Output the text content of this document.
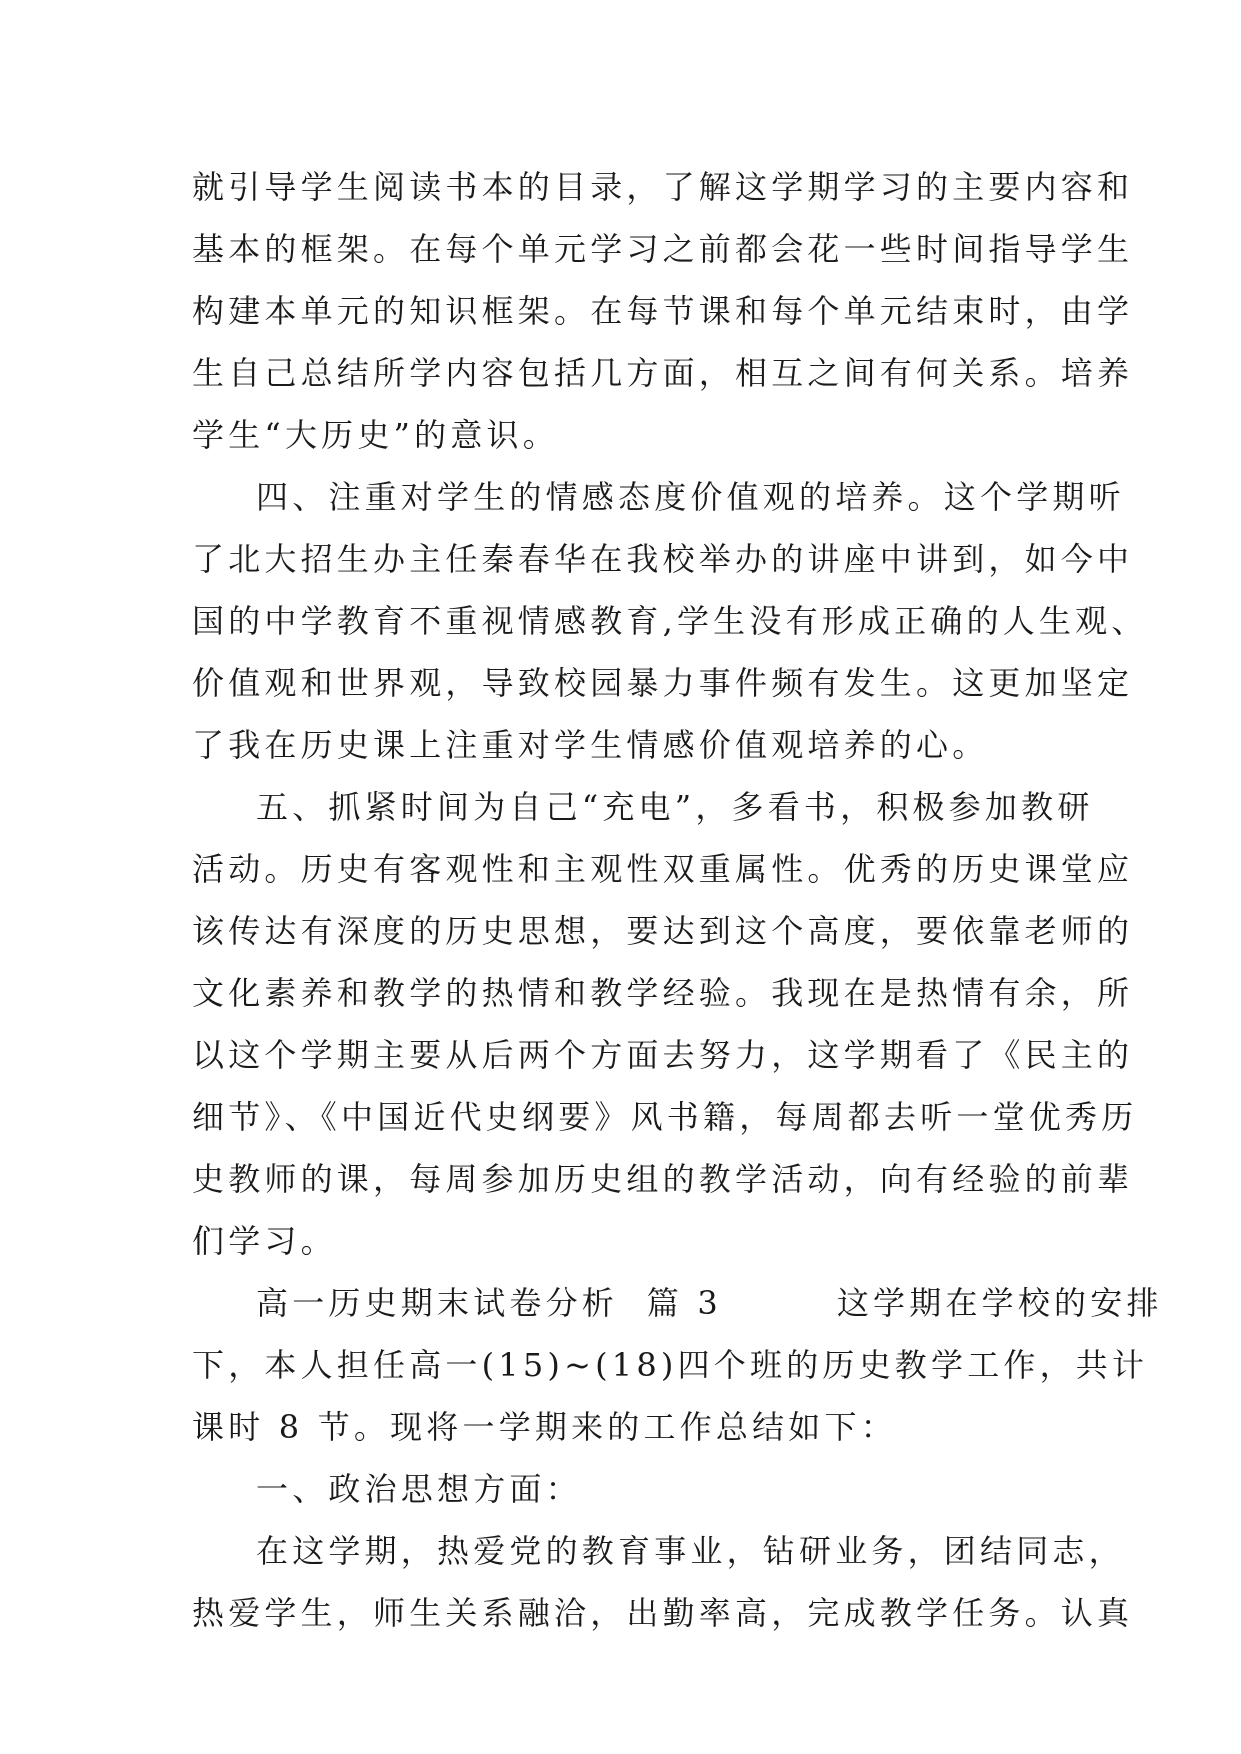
就引导学生阅读书本的目录，了解这学期学习的主要内容和
基本的框架。在每个单元学习之前都会花一些时间指导学生
构建本单元的知识框架。在每节课和每个单元结束时，由学
生自己总结所学内容包括几方面，相互之间有何关系。培养
学生“大历史”的意识。
四、注重对学生的情感态度价值观的培养。这个学期听
了北大招生办主任秦春华在我校举办的讲座中讲到，如今中
国的中学教育不重视情感教育,学生没有形成正确的人生观、
价值观和世界观，导致校园暴力事件频有发生。这更加坚定
了我在历史课上注重对学生情感价值观培养的心。
五、抓紧时间为自己“充电”，多看书，积极参加教研
活动。历史有客观性和主观性双重属性。优秀的历史课堂应
该传达有深度的历史思想，要达到这个高度，要依靠老师的
文化素养和教学的热情和教学经验。我现在是热情有余，所
以这个学期主要从后两个方面去努力，这学期看了《民主的
细节》、《中国近代史纲要》风书籍，每周都去听一堂优秀历
史教师的课，每周参加历史组的教学活动，向有经验的前辈
们学习。
高一历史期末试卷分析  篇 3        这学期在学校的安排
下，本人担任高一(15)~(18)四个班的历史教学工作，共计
课时 8 节。现将一学期来的工作总结如下：
一、政治思想方面：
在这学期，热爱党的教育事业，钻研业务，团结同志，
热爱学生，师生关系融洽，出勤率高，完成教学任务。认真
